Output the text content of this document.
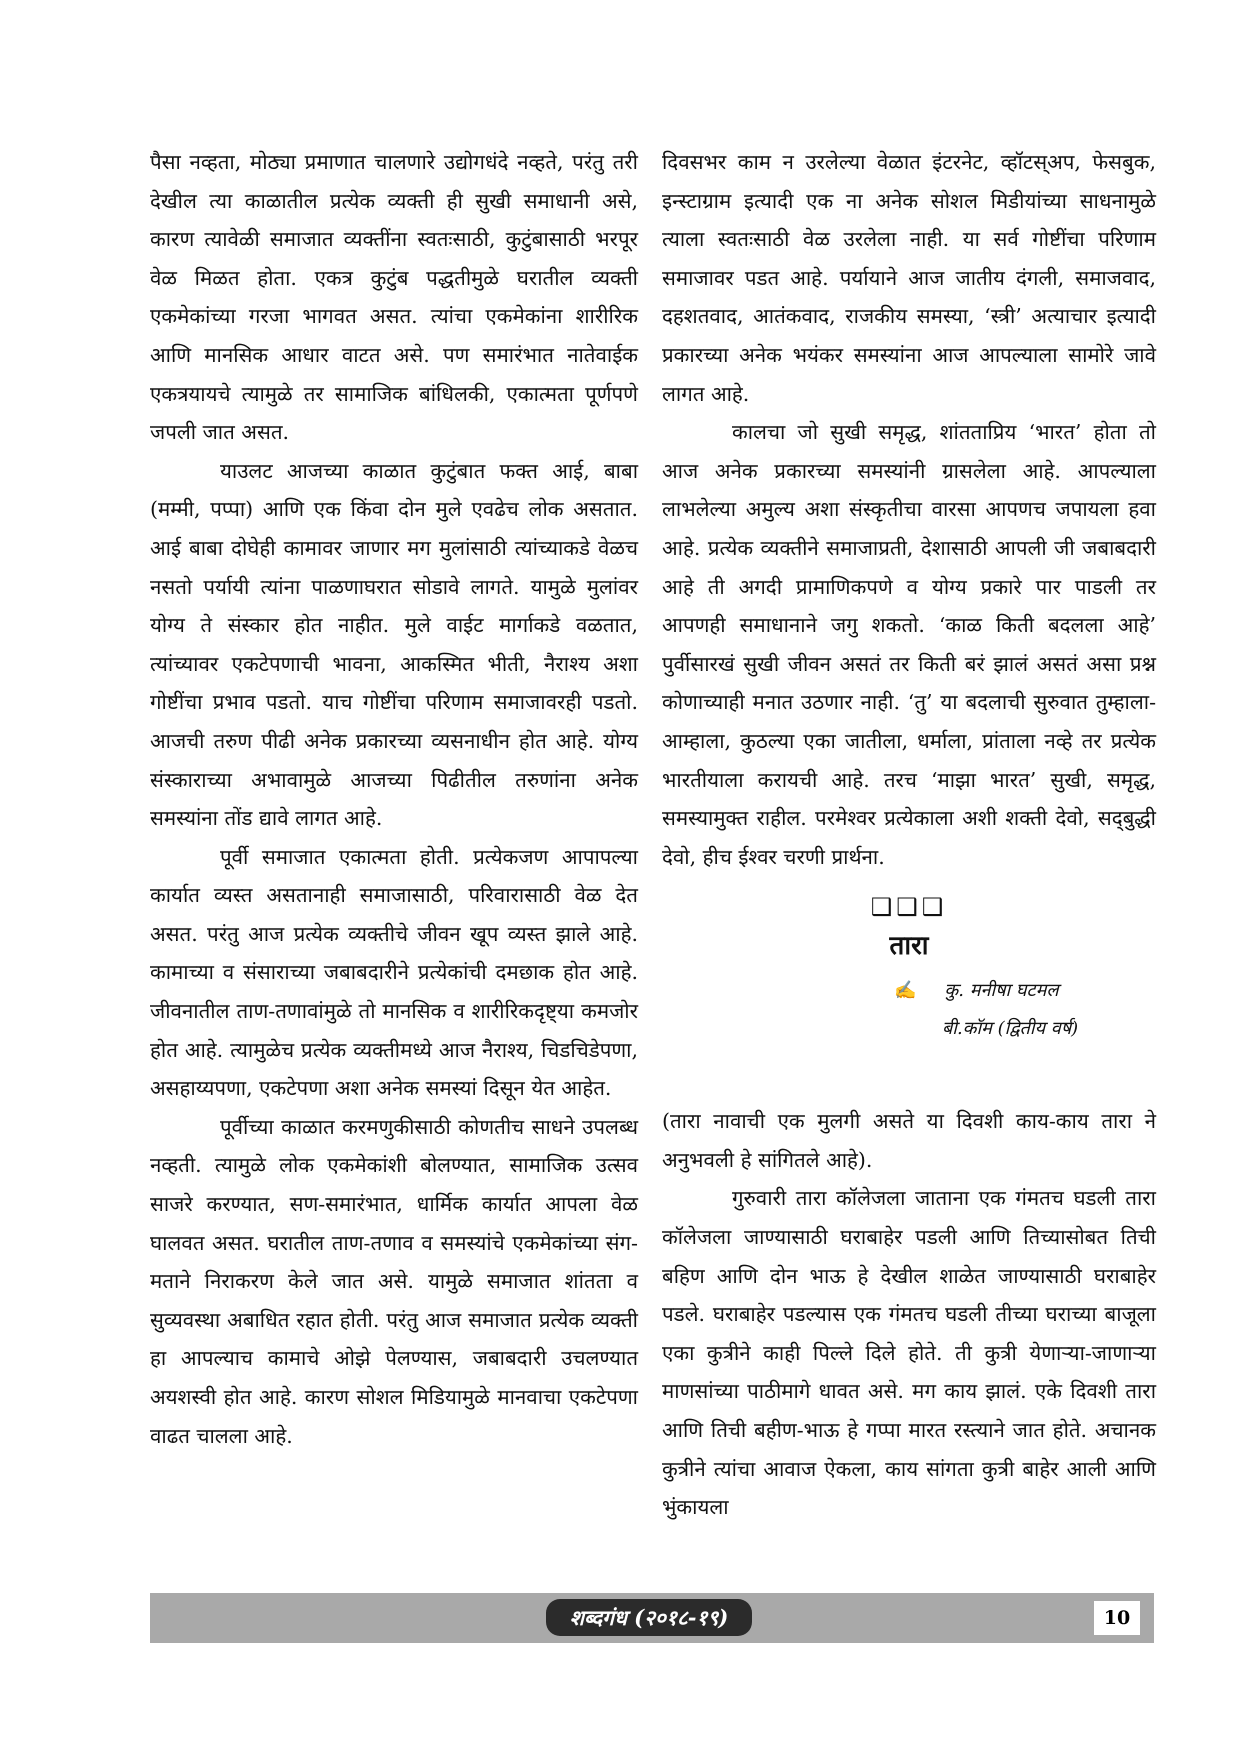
पैसा नव्हता, मोठ्या प्रमाणात चालणारे उद्योगधंदे नव्हते, परंतु तरी देखील त्या काळातील प्रत्येक व्यक्ती ही सुखी समाधानी असे, कारण त्यावेळी समाजात व्यक्तींना स्वतःसाठी, कुटुंबासाठी भरपूर वेळ मिळत होता. एकत्र कुटुंब पद्धतीमुळे घरातील व्यक्ती एकमेकांच्या गरजा भागवत असत. त्यांचा एकमेकांना शारीरिक आणि मानसिक आधार वाटत असे. पण समारंभात नातेवाईक एकत्रयायचे त्यामुळे तर सामाजिक बांधिलकी, एकात्मता पूर्णपणे जपली जात असत.

याउलट आजच्या काळात कुटुंबात फक्त आई, बाबा (मम्मी, पप्पा) आणि एक किंवा दोन मुले एवढेच लोक असतात. आई बाबा दोघेही कामावर जाणार मग मुलांसाठी त्यांच्याकडे वेळच नसतो पर्यायी त्यांना पाळणाघरात सोडावे लागते. यामुळे मुलांवर योग्य ते संस्कार होत नाहीत. मुले वाईट मार्गाकडे वळतात, त्यांच्यावर एकटेपणाची भावना, आकस्मित भीती, नैराश्य अशा गोष्टींचा प्रभाव पडतो. याच गोष्टींचा परिणाम समाजावरही पडतो. आजची तरुण पीढी अनेक प्रकारच्या व्यसनाधीन होत आहे. योग्य संस्काराच्या अभावामुळे आजच्या पिढीतील तरुणांना अनेक समस्यांना तोंड द्यावे लागत आहे.

पूर्वी समाजात एकात्मता होती. प्रत्येकजण आपापल्या कार्यात व्यस्त असतानाही समाजासाठी, परिवारासाठी वेळ देत असत. परंतु आज प्रत्येक व्यक्तीचे जीवन खूप व्यस्त झाले आहे. कामाच्या व संसाराच्या जबाबदारीने प्रत्येकांची दमछाक होत आहे. जीवनातील ताण-तणावांमुळे तो मानसिक व शारीरिकदृष्ट्या कमजोर होत आहे. त्यामुळेच प्रत्येक व्यक्तीमध्ये आज नैराश्य, चिडचिडेपणा, असहाय्यपणा, एकटेपणा अशा अनेक समस्यां दिसून येत आहेत.

पूर्वीच्या काळात करमणुकीसाठी कोणतीच साधने उपलब्ध नव्हती. त्यामुळे लोक एकमेकांशी बोलण्यात, सामाजिक उत्सव साजरे करण्यात, सण-समारंभात, धार्मिक कार्यात आपला वेळ घालवत असत. घरातील ताण-तणाव व समस्यांचे एकमेकांच्या संग-मताने निराकरण केले जात असे. यामुळे समाजात शांतता व सुव्यवस्था अबाधित रहात होती. परंतु आज समाजात प्रत्येक व्यक्ती हा आपल्याच कामाचे ओझे पेलण्यास, जबाबदारी उचलण्यात अयशस्वी होत आहे. कारण सोशल मिडियामुळे मानवाचा एकटेपणा वाढत चालला आहे.

दिवसभर काम न उरलेल्या वेळात इंटरनेट, व्हॉटस्अप, फेसबुक, इन्स्टाग्राम इत्यादी एक ना अनेक सोशल मिडीयांच्या साधनामुळे त्याला स्वतःसाठी वेळ उरलेला नाही. या सर्व गोष्टींचा परिणाम समाजावर पडत आहे. पर्यायाने आज जातीय दंगली, समाजवाद, दहशतवाद, आतंकवाद, राजकीय समस्या, ‘स्त्री’ अत्याचार इत्यादी प्रकारच्या अनेक भयंकर समस्यांना आज आपल्याला सामोरे जावे लागत आहे.

कालचा जो सुखी समृद्ध, शांतताप्रिय ‘भारत’ होता तो आज अनेक प्रकारच्या समस्यांनी ग्रासलेला आहे. आपल्याला लाभलेल्या अमुल्य अशा संस्कृतीचा वारसा आपणच जपायला हवा आहे. प्रत्येक व्यक्तीने समाजाप्रती, देशासाठी आपली जी जबाबदारी आहे ती अगदी प्रामाणिकपणे व योग्य प्रकारे पार पाडली तर आपणही समाधानाने जगु शकतो. ‘काळ किती बदलला आहे’ पुर्वीसारखं सुखी जीवन असतं तर किती बरं झालं असतं असा प्रश्न कोणाच्याही मनात उठणार नाही. ‘तु’ या बदलाची सुरुवात तुम्हाला-आम्हाला, कुठल्या एका जातीला, धर्माला, प्रांताला नव्हे तर प्रत्येक भारतीयाला करायची आहे. तरच ‘माझा भारत’ सुखी, समृद्ध, समस्यामुक्त राहील. परमेश्वर प्रत्येकाला अशी शक्ती देवो, सद्‌बुद्धी देवो, हीच ईश्वर चरणी प्रार्थना.

❑❑❑
तारा
✍ कु. मनीषा घटमल
बी.कॉम (द्वितीय वर्ष)

(तारा नावाची एक मुलगी असते या दिवशी काय-काय तारा ने अनुभवली हे सांगितले आहे).

गुरुवारी तारा कॉलेजला जाताना एक गंमतच घडली तारा कॉलेजला जाण्यासाठी घराबाहेर पडली आणि तिच्यासोबत तिची बहिण आणि दोन भाऊ हे देखील शाळेत जाण्यासाठी घराबाहेर पडले. घराबाहेर पडल्यास एक गंमतच घडली तीच्या घराच्या बाजूला एका कुत्रीने काही पिल्ले दिले होते. ती कुत्री येणाऱ्या-जाणाऱ्या माणसांच्या पाठीमागे धावत असे. मग काय झालं. एके दिवशी तारा आणि तिची बहीण-भाऊ हे गप्पा मारत रस्त्याने जात होते. अचानक कुत्रीने त्यांचा आवाज ऐकला, काय सांगता कुत्री बाहेर आली आणि भुंकायला

शब्दगंध (२०१८-१९)	10
